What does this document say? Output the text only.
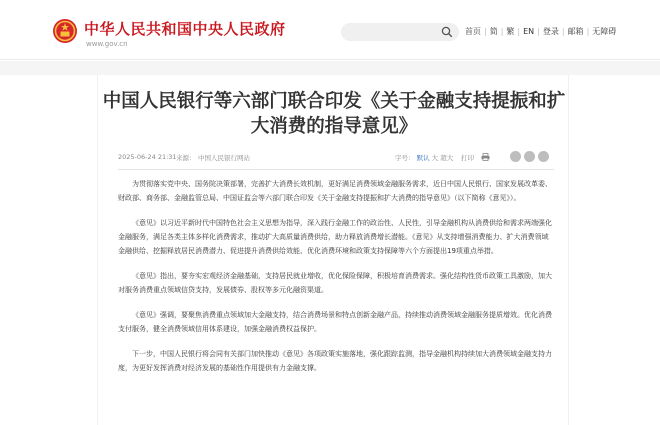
中华人民共和国中央人民政府
www.gov.cn
首页 | 简 | 繁 | EN | 登录 | 邮箱 | 无障碍
中国人民银行等六部门联合印发《关于金融支持提振和扩
大消费的指导意见》
2025-06-24 21:31 来源： 中国人民银行网站	字号： 默认 大 超大 打印

为贯彻落实党中央、国务院决策部署，完善扩大消费长效机制，更好满足消费领域金融服务需求，近日中国人民银行、国家发展改革委、财政部、商务部、金融监管总局、中国证监会等六部门联合印发《关于金融支持提振和扩大消费的指导意见》（以下简称《意见》）。

《意见》以习近平新时代中国特色社会主义思想为指导，深入践行金融工作的政治性、人民性，引导金融机构从消费供给和需求两端强化金融服务，满足各类主体多样化消费需求，推动扩大高质量消费供给，助力释放消费增长潜能。《意见》从支持增强消费能力、扩大消费领域金融供给、挖掘释放居民消费潜力、促进提升消费供给效能、优化消费环境和政策支持保障等六个方面提出19项重点举措。

《意见》指出，要夯实宏观经济金融基础，支持居民就业增收，优化保险保障，积极培育消费需求。强化结构性货币政策工具激励，加大对服务消费重点领域信贷支持，发展债券、股权等多元化融资渠道。

《意见》强调，要聚焦消费重点领域加大金融支持，结合消费场景和特点创新金融产品，持续推动消费领域金融服务提质增效。优化消费支付服务，健全消费领域信用体系建设，加强金融消费权益保护。

下一步，中国人民银行将会同有关部门加快推动《意见》各项政策实施落地，强化跟踪监测，指导金融机构持续加大消费领域金融支持力度，为更好发挥消费对经济发展的基础性作用提供有力金融支撑。
